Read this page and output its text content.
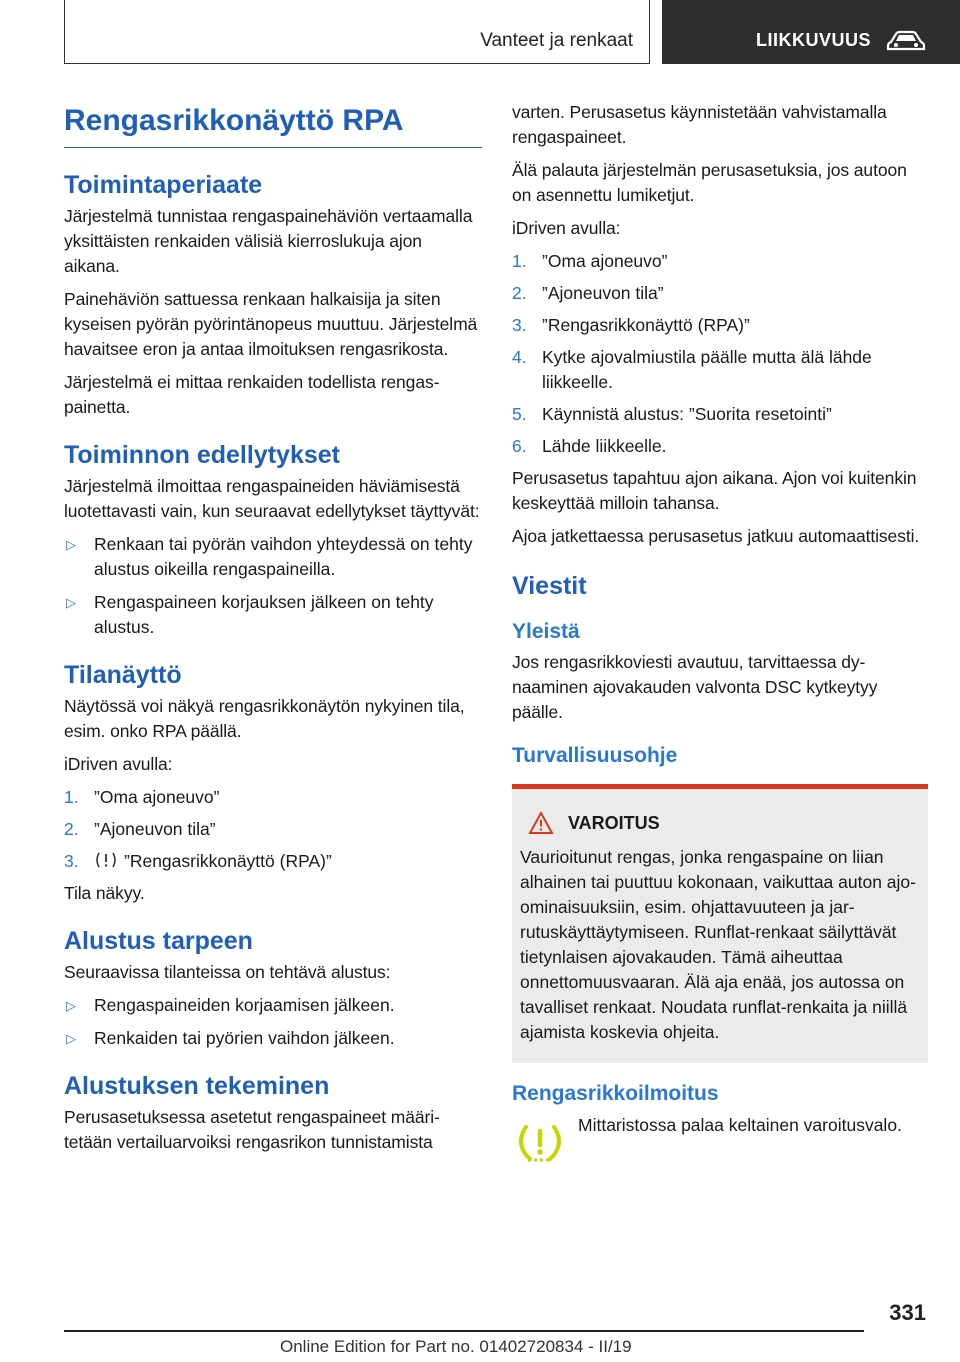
Vanteet ja renkaat	LIIKKUVUUS
Rengasrikkonäyttö RPA
Toimintaperiaate
Järjestelmä tunnistaa rengaspainehäviön vertaamalla yksittäisten renkaiden välisiä kierroslukuja ajon aikana.
Painehäviön sattuessa renkaan halkaisija ja siten kyseisen pyörän pyörintänopeus muuttuu. Järjestelmä havaitsee eron ja antaa ilmoituksen rengasrikosta.
Järjestelmä ei mittaa renkaiden todellista rengaspainetta.
Toiminnon edellytykset
Järjestelmä ilmoittaa rengaspaineiden häviämisestä luotettavasti vain, kun seuraavat edellytykset täyttyvät:
▷ Renkaan tai pyörän vaihdon yhteydessä on tehty alustus oikeilla rengaspaineilla.
▷ Rengaspaineen korjauksen jälkeen on tehty alustus.
Tilanäyttö
Näytössä voi näkyä rengasrikkonäytön nykyinen tila, esim. onko RPA päällä.
iDriven avulla:
1. ”Oma ajoneuvo”
2. ”Ajoneuvon tila”
3.	”Rengasrikkonäyttö (RPA)”
Tila näkyy.
Alustus tarpeen
Seuraavissa tilanteissa on tehtävä alustus:
▷ Rengaspaineiden korjaamisen jälkeen.
▷ Renkaiden tai pyörien vaihdon jälkeen.
Alustuksen tekeminen
Perusasetuksessa asetetut rengaspaineet määritetään vertailuarvoiksi rengasrikon tunnistamista
varten. Perusasetus käynnistetään vahvistamalla rengaspaineet.
Älä palauta järjestelmän perusasetuksia, jos autoon on asennettu lumiketjut.
iDriven avulla:
1. ”Oma ajoneuvo”
2. ”Ajoneuvon tila”
3. ”Rengasrikkonäyttö (RPA)”
4. Kytke ajovalmiustila päälle mutta älä lähde liikkeelle.
5. Käynnistä alustus: ”Suorita resetointi”
6. Lähde liikkeelle.
Perusasetus tapahtuu ajon aikana. Ajon voi kuitenkin keskeyttää milloin tahansa.
Ajoa jatkettaessa perusasetus jatkuu automaattisesti.
Viestit
Yleistä
Jos rengasrikkoviesti avautuu, tarvittaessa dynaaminen ajovakauden valvonta DSC kytkeytyy päälle.
Turvallisuusohje
VAROITUS
Vaurioitunut rengas, jonka rengaspaine on liian alhainen tai puuttuu kokonaan, vaikuttaa auton ajo-ominaisuuksiin, esim. ohjattavuuteen ja jarrutuskäyttäytymiseen. Runflat-renkaat säilyttävät tietynlaisen ajovakauden. Tämä aiheuttaa onnettomuusvaaran. Älä aja enää, jos autossa on tavalliset renkaat. Noudata runflat-renkaita ja niillä ajamista koskevia ohjeita.
Rengasrikkoilmoitus
Mittaristossa palaa keltainen varoitusvalo.
331
Online Edition for Part no. 01402720834 - II/19
